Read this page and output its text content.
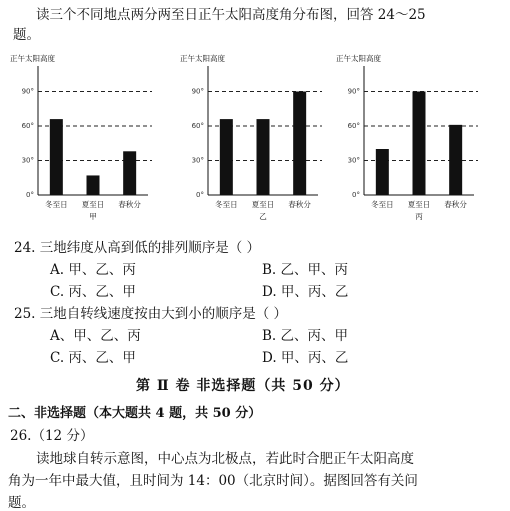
读三个不同地点两分两至日正午太阳高度角分布图，回答 24～25
题。
正午太阳高度
90°
60°
30°
0°
冬至日 夏至日 春秋分
甲
正午太阳高度
90°
60°
30°
0°
冬至日 夏至日 春秋分
乙
正午太阳高度
90°
60°
30°
0°
冬至日 夏至日 春秋分
丙
24. 三地纬度从高到低的排列顺序是（ ）
A. 甲、乙、丙	B. 乙、甲、丙
C. 丙、乙、甲	D. 甲、丙、乙
25. 三地自转线速度按由大到小的顺序是（ ）
A、甲、乙、丙	B. 乙、丙、甲
C. 丙、乙、甲	D. 甲、丙、乙
第 Ⅱ 卷 非选择题（共 50 分）
二、非选择题（本大题共 4 题，共 50 分）
26.（12 分）
读地球自转示意图，中心点为北极点，若此时合肥正午太阳高度
角为一年中最大值，且时间为 14：00（北京时间）。据图回答有关问
题。
